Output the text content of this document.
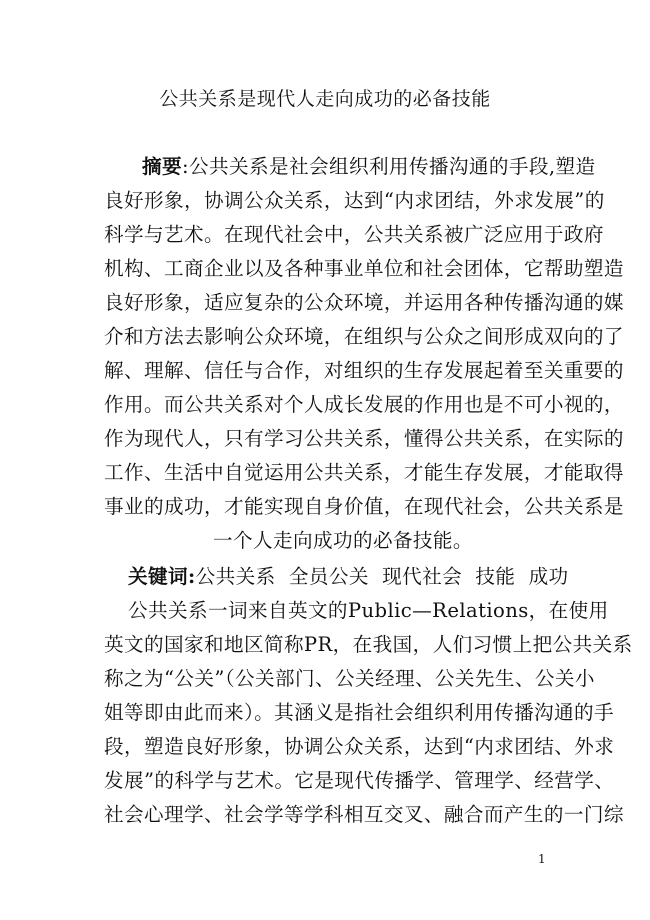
公共关系是现代人走向成功的必备技能
摘要:公共关系是社会组织利用传播沟通的手段,塑造
良好形象，协调公众关系，达到“内求团结，外求发展”的
科学与艺术。在现代社会中，公共关系被广泛应用于政府
机构、工商企业以及各种事业单位和社会团体，它帮助塑造
良好形象，适应复杂的公众环境，并运用各种传播沟通的媒
介和方法去影响公众环境，在组织与公众之间形成双向的了
解、理解、信任与合作，对组织的生存发展起着至关重要的
作用。而公共关系对个人成长发展的作用也是不可小视的，
作为现代人，只有学习公共关系，懂得公共关系，在实际的
工作、生活中自觉运用公共关系，才能生存发展，才能取得
事业的成功，才能实现自身价值，在现代社会，公共关系是
一个人走向成功的必备技能。
关键词:公共关系  全员公关  现代社会  技能  成功
公共关系一词来自英文的Public—Relations，在使用
英文的国家和地区简称PR，在我国，人们习惯上把公共关系
称之为“公关”（公关部门、公关经理、公关先生、公关小
姐等即由此而来）。其涵义是指社会组织利用传播沟通的手
段，塑造良好形象，协调公众关系，达到“内求团结、外求
发展”的科学与艺术。它是现代传播学、管理学、经营学、
社会心理学、社会学等学科相互交叉、融合而产生的一门综
1
